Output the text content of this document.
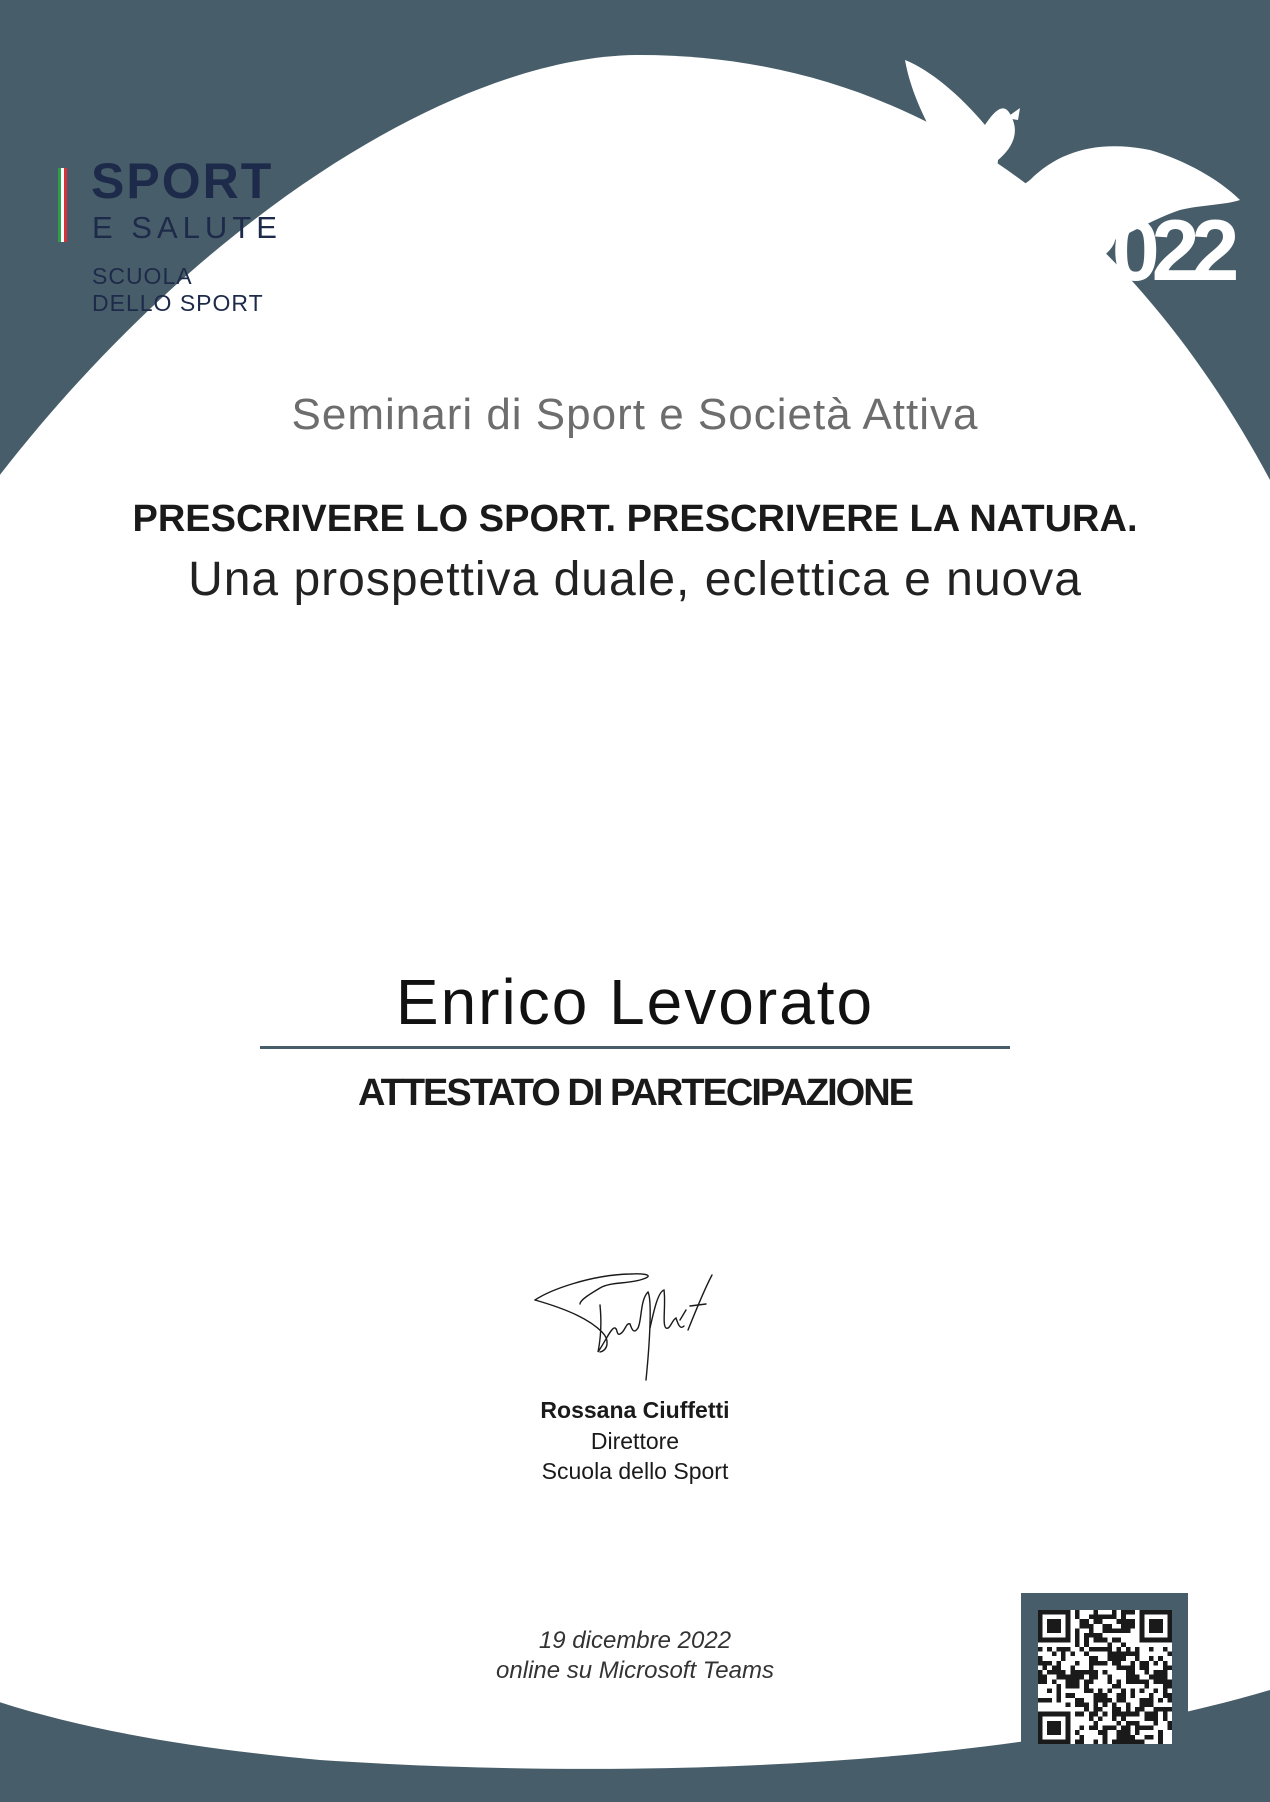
SPORT
E SALUTE
SCUOLA
DELLO SPORT
2022
Seminari di Sport e Società Attiva
PRESCRIVERE LO SPORT. PRESCRIVERE LA NATURA.
Una prospettiva duale, eclettica e nuova
Enrico Levorato
ATTESTATO DI PARTECIPAZIONE
Rossana Ciuffetti
Direttore
Scuola dello Sport
19 dicembre 2022
online su Microsoft Teams
